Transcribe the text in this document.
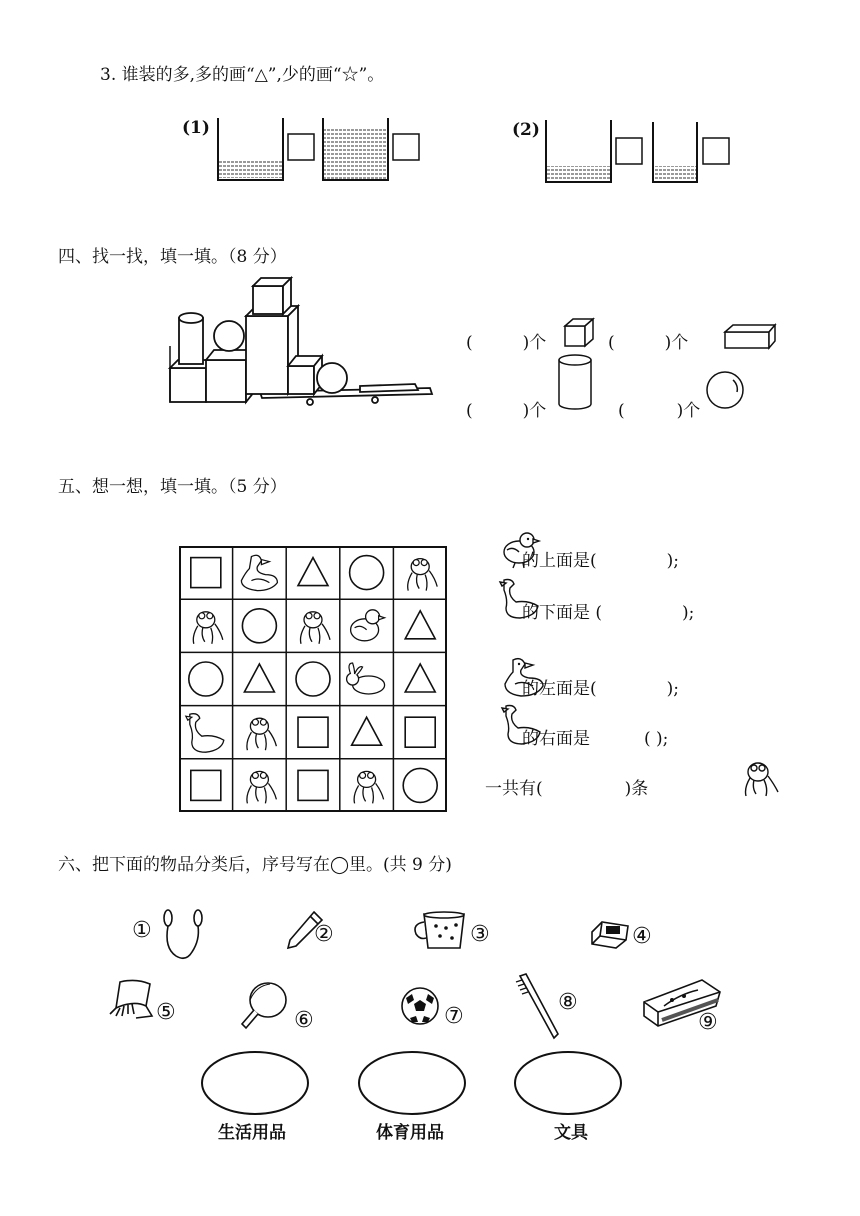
3. 谁装的多,多的画“△”,少的画“☆”。
(1)	(2)
四、找一找，填一填。（8 分）
(	)个	(	)个
(	)个	(	)个
五、想一想，填一填。（5 分）
的上面是(	);
的下面是 (	);
的左面是(	);
的右面是	( );
一共有(	)条
六、把下面的物品分类后，序号写在◯里。(共 9 分)
①	②	③	④
⑤	⑥	⑦
⑧
⑨
生活用品	体育用品	文具
